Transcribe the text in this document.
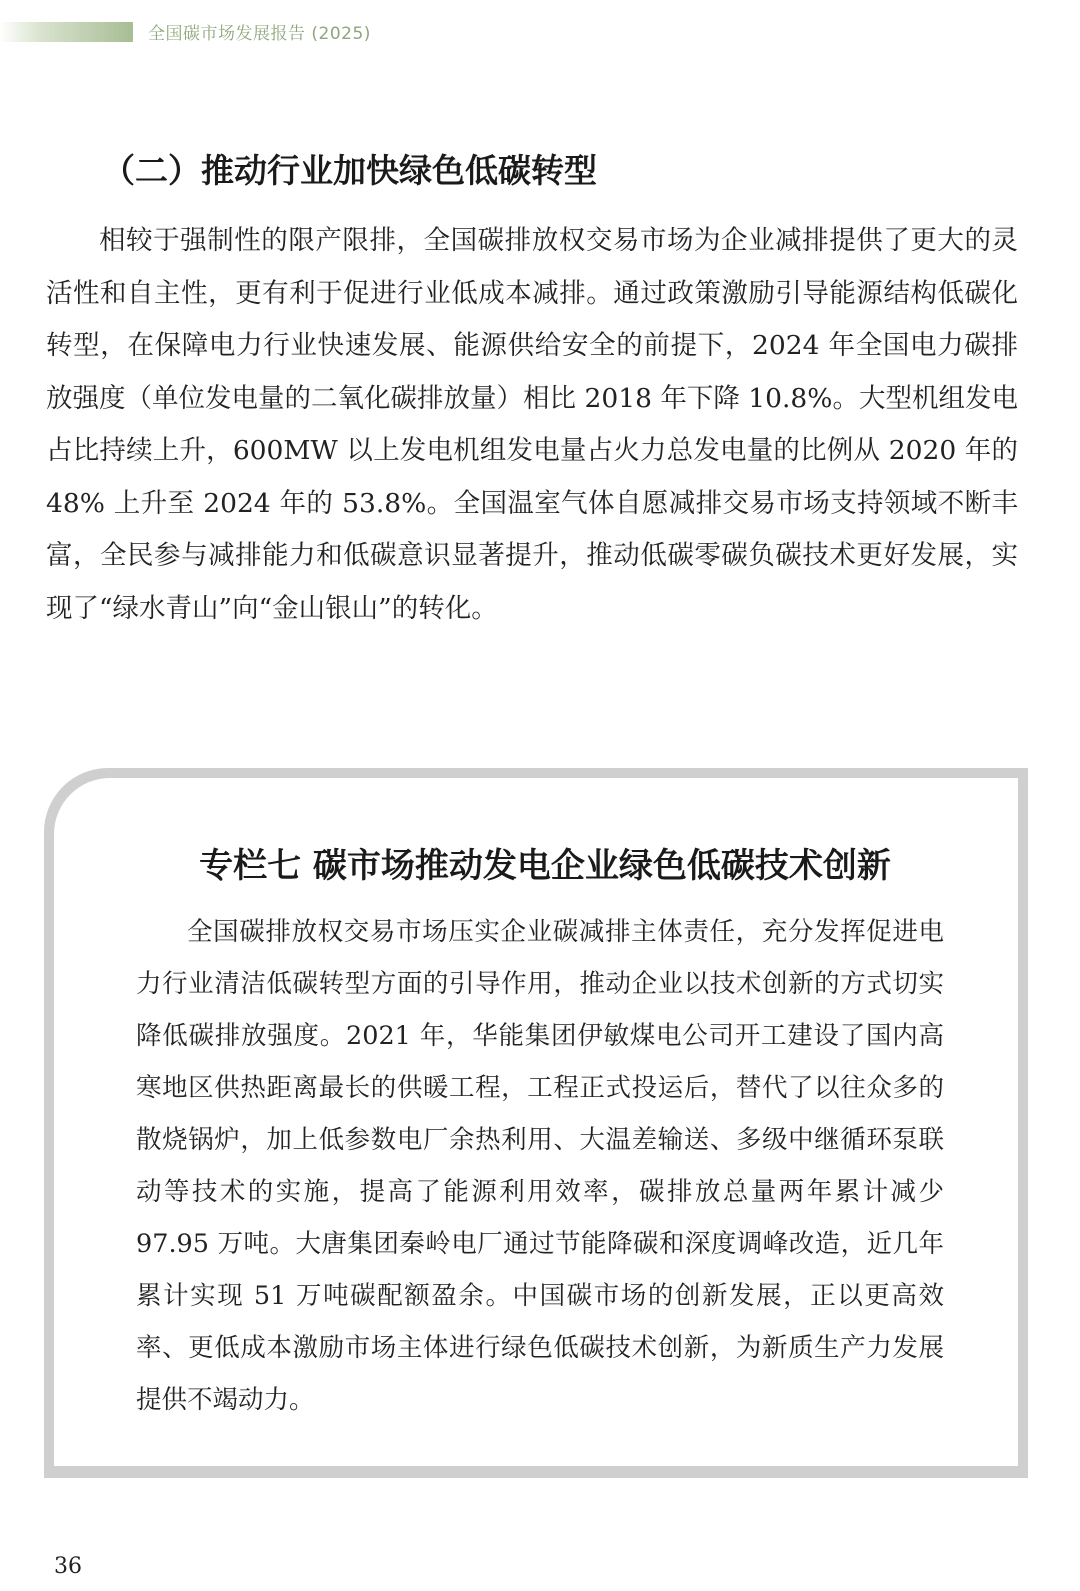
全国碳市场发展报告 (2025)
（二）推动行业加快绿色低碳转型

相较于强制性的限产限排，全国碳排放权交易市场为企业减排提供了更大的灵活性和自主性，更有利于促进行业低成本减排。通过政策激励引导能源结构低碳化转型，在保障电力行业快速发展、能源供给安全的前提下，2024 年全国电力碳排放强度（单位发电量的二氧化碳排放量）相比 2018 年下降 10.8%。大型机组发电占比持续上升，600MW 以上发电机组发电量占火力总发电量的比例从 2020 年的 48% 上升至 2024 年的 53.8%。全国温室气体自愿减排交易市场支持领域不断丰富，全民参与减排能力和低碳意识显著提升，推动低碳零碳负碳技术更好发展，实现了“绿水青山”向“金山银山”的转化。

专栏七 碳市场推动发电企业绿色低碳技术创新

全国碳排放权交易市场压实企业碳减排主体责任，充分发挥促进电力行业清洁低碳转型方面的引导作用，推动企业以技术创新的方式切实降低碳排放强度。2021 年，华能集团伊敏煤电公司开工建设了国内高寒地区供热距离最长的供暖工程，工程正式投运后，替代了以往众多的散烧锅炉，加上低参数电厂余热利用、大温差输送、多级中继循环泵联动等技术的实施，提高了能源利用效率，碳排放总量两年累计减少 97.95 万吨。大唐集团秦岭电厂通过节能降碳和深度调峰改造，近几年累计实现 51 万吨碳配额盈余。中国碳市场的创新发展，正以更高效率、更低成本激励市场主体进行绿色低碳技术创新，为新质生产力发展提供不竭动力。

36
